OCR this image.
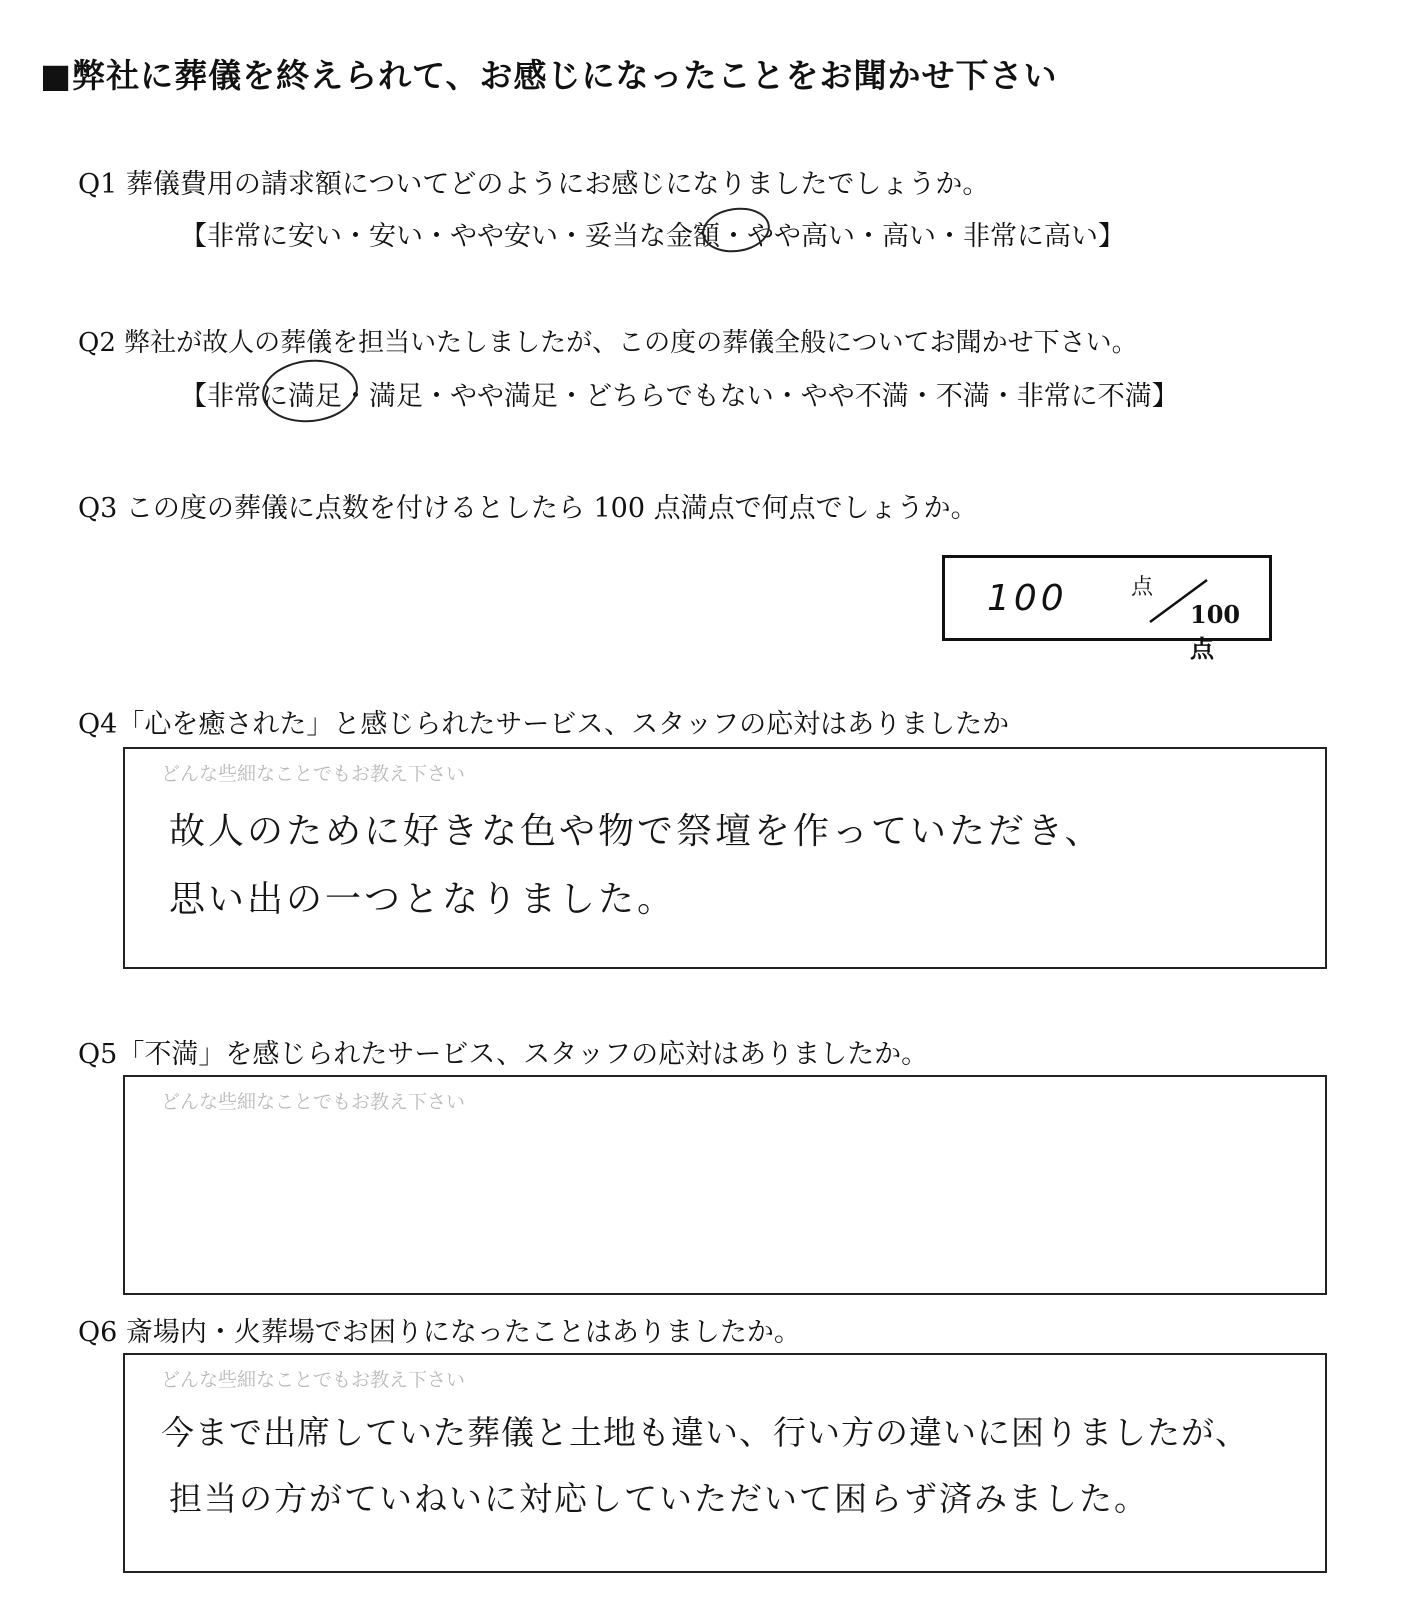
■弊社に葬儀を終えられて、お感じになったことをお聞かせ下さい
Q1 葬儀費用の請求額についてどのようにお感じになりましたでしょうか。
【非常に安い・安い・やや安い・妥当な金額・やや高い・高い・非常に高い】
Q2 弊社が故人の葬儀を担当いたしましたが、この度の葬儀全般についてお聞かせ下さい。
【非常に満足・満足・やや満足・どちらでもない・やや不満・不満・非常に不満】
Q3 この度の葬儀に点数を付けるとしたら 100 点満点で何点でしょうか。
100	点
100 点
Q4「心を癒された」と感じられたサービス、スタッフの応対はありましたか
どんな些細なことでもお教え下さい
故人のために好きな色や物で祭壇を作っていただき、
思い出の一つとなりました。
Q5「不満」を感じられたサービス、スタッフの応対はありましたか。
どんな些細なことでもお教え下さい
Q6 斎場内・火葬場でお困りになったことはありましたか。
どんな些細なことでもお教え下さい
今まで出席していた葬儀と土地も違い、行い方の違いに困りましたが、
担当の方がていねいに対応していただいて困らず済みました。
